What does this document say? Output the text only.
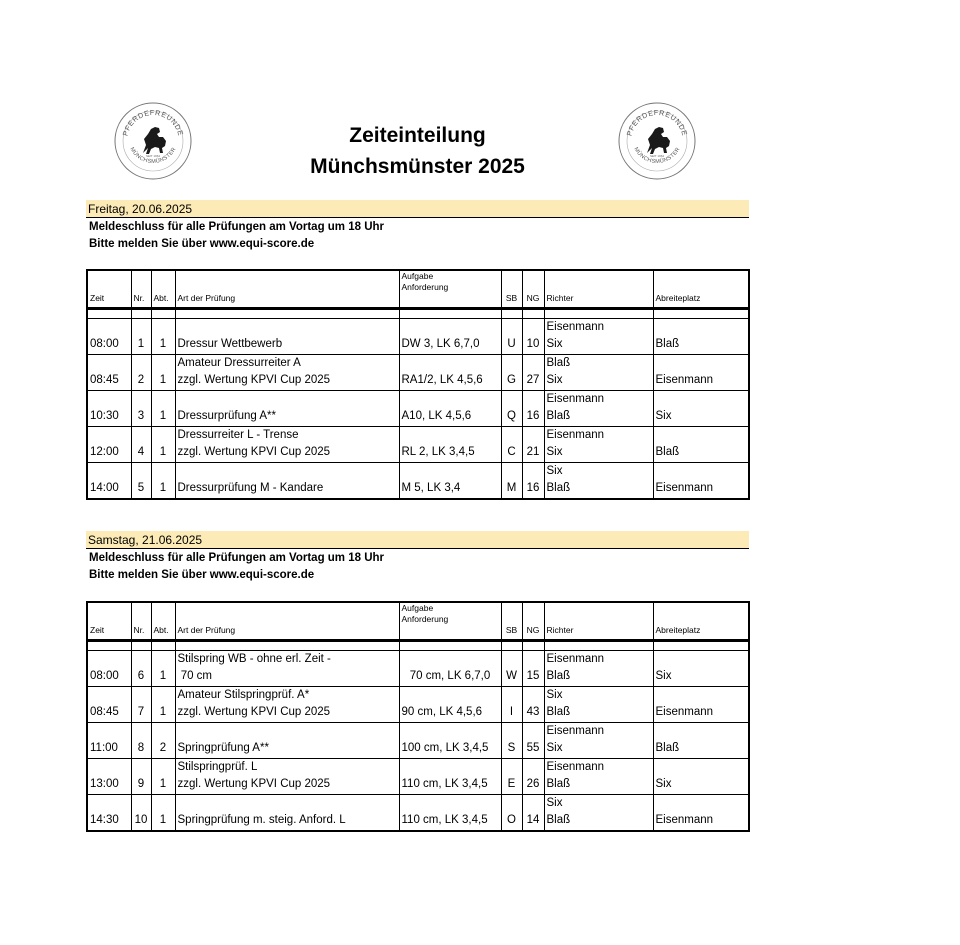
PFERDEFREUNDE
MÜNCHSMÜNSTER
SEIT 1964
PFERDEFREUNDE
MÜNCHSMÜNSTER
SEIT 1964
Zeiteinteilung
Münchsmünster 2025
Freitag, 20.06.2025
Meldeschluss für alle Prüfungen am Vortag um 18 Uhr
Bitte melden Sie über www.equi-score.de
Zeit	Nr.	Abt.	Art der Prüfung	Aufgabe
Anforderung	SB	NG	Richter	Abreiteplatz

08:00	1	1	Dressur Wettbewerb	DW 3, LK 6,7,0	U	10	Eisenmann
Six	Blaß
08:45	2	1	Amateur Dressurreiter A
zzgl. Wertung KPVI Cup 2025	RA1/2, LK 4,5,6	G	27	Blaß
Six	Eisenmann
10:30	3	1	Dressurprüfung A**	A10, LK 4,5,6	Q	16	Eisenmann
Blaß	Six
12:00	4	1	Dressurreiter L - Trense
zzgl. Wertung KPVI Cup 2025	RL 2, LK 3,4,5	C	21	Eisenmann
Six	Blaß
14:00	5	1	Dressurprüfung M - Kandare	M 5, LK 3,4	M	16	Six
Blaß	Eisenmann
Samstag, 21.06.2025
Meldeschluss für alle Prüfungen am Vortag um 18 Uhr
Bitte melden Sie über www.equi-score.de
Zeit	Nr.	Abt.	Art der Prüfung	Aufgabe
Anforderung	SB	NG	Richter	Abreiteplatz

08:00	6	1	Stilspring WB - ohne erl. Zeit -
70 cm	70 cm, LK 6,7,0	W	15	Eisenmann
Blaß	Six
08:45	7	1	Amateur Stilspringprüf. A*
zzgl. Wertung KPVI Cup 2025	90 cm, LK 4,5,6	I	43	Six
Blaß	Eisenmann
11:00	8	2	Springprüfung A**	100 cm, LK 3,4,5	S	55	Eisenmann
Six	Blaß
13:00	9	1	Stilspringprüf. L
zzgl. Wertung KPVI Cup 2025	110 cm, LK 3,4,5	E	26	Eisenmann
Blaß	Six
14:30	10	1	Springprüfung m. steig. Anford. L	110 cm, LK 3,4,5	O	14	Six
Blaß	Eisenmann
